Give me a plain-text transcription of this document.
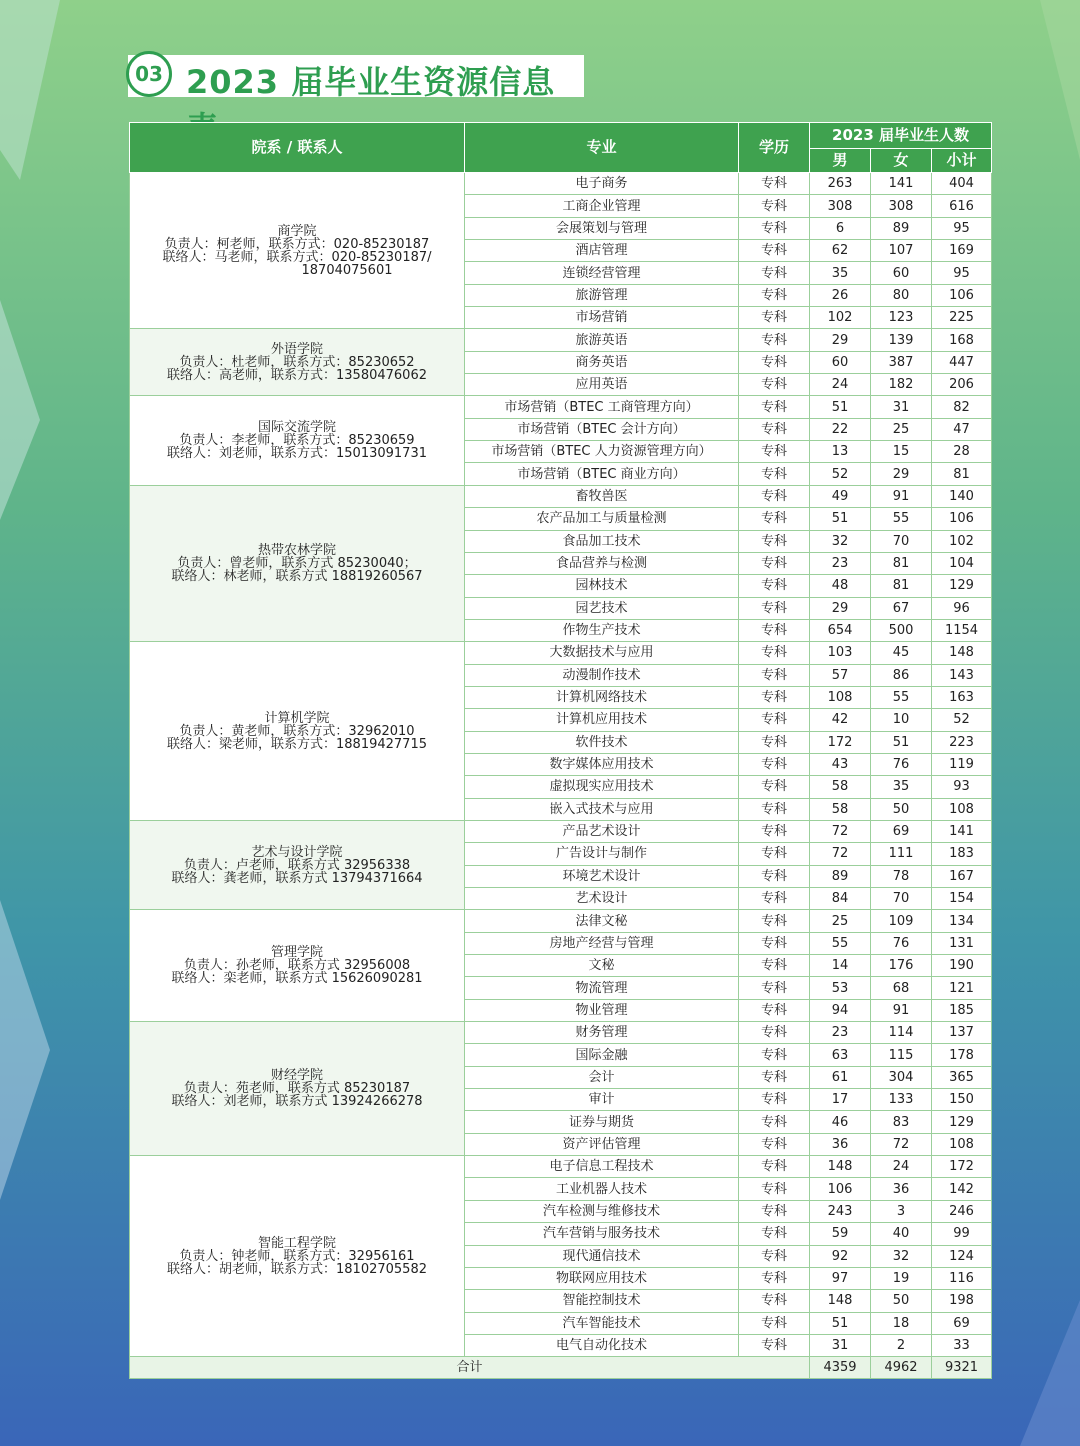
03 2023 届毕业生资源信息
院系 / 联系人	专业	学历	2023 届毕业生人数		
			男	女	小计

商学院
负责人：柯老师，联系方式：020-85230187
联络人：马老师，联系方式：020-85230187/
18704075601	电子商务	专科	263	141	404
	工商企业管理	专科	308	308	616
	会展策划与管理	专科	6	89	95
	酒店管理	专科	62	107	169
	连锁经营管理	专科	35	60	95
	旅游管理	专科	26	80	106
	市场营销	专科	102	123	225

外语学院
负责人：杜老师，联系方式：85230652
联络人：高老师，联系方式：13580476062	旅游英语	专科	29	139	168
	商务英语	专科	60	387	447
	应用英语	专科	24	182	206

国际交流学院
负责人：李老师，联系方式：85230659
联络人：刘老师，联系方式：15013091731	市场营销（BTEC 工商管理方向）	专科	51	31	82
	市场营销（BTEC 会计方向）	专科	22	25	47
	市场营销（BTEC 人力资源管理方向）	专科	13	15	28
	市场营销（BTEC 商业方向）	专科	52	29	81

热带农林学院
负责人：曾老师，联系方式 85230040；
联络人：林老师，联系方式 18819260567	畜牧兽医	专科	49	91	140
	农产品加工与质量检测	专科	51	55	106
	食品加工技术	专科	32	70	102
	食品营养与检测	专科	23	81	104
	园林技术	专科	48	81	129
	园艺技术	专科	29	67	96
	作物生产技术	专科	654	500	1154

计算机学院
负责人：黄老师，联系方式：32962010
联络人：梁老师，联系方式：18819427715	大数据技术与应用	专科	103	45	148
	动漫制作技术	专科	57	86	143
	计算机网络技术	专科	108	55	163
	计算机应用技术	专科	42	10	52
	软件技术	专科	172	51	223
	数字媒体应用技术	专科	43	76	119
	虚拟现实应用技术	专科	58	35	93
	嵌入式技术与应用	专科	58	50	108

艺术与设计学院
负责人：卢老师，联系方式 32956338
联络人：龚老师，联系方式 13794371664	产品艺术设计	专科	72	69	141
	广告设计与制作	专科	72	111	183
	环境艺术设计	专科	89	78	167
	艺术设计	专科	84	70	154

管理学院
负责人：孙老师，联系方式 32956008
联络人：栾老师，联系方式 15626090281	法律文秘	专科	25	109	134
	房地产经营与管理	专科	55	76	131
	文秘	专科	14	176	190
	物流管理	专科	53	68	121
	物业管理	专科	94	91	185

财经学院
负责人：苑老师，联系方式 85230187
联络人：刘老师，联系方式 13924266278	财务管理	专科	23	114	137
	国际金融	专科	63	115	178
	会计	专科	61	304	365
	审计	专科	17	133	150
	证券与期货	专科	46	83	129
	资产评估管理	专科	36	72	108

智能工程学院
负责人：钟老师，联系方式：32956161
联络人：胡老师，联系方式：18102705582	电子信息工程技术	专科	148	24	172
	工业机器人技术	专科	106	36	142
	汽车检测与维修技术	专科	243	3	246
	汽车营销与服务技术	专科	59	40	99
	现代通信技术	专科	92	32	124
	物联网应用技术	专科	97	19	116
	智能控制技术	专科	148	50	198
	汽车智能技术	专科	51	18	69
	电气自动化技术	专科	31	2	33
合计			4359	4962	9321
